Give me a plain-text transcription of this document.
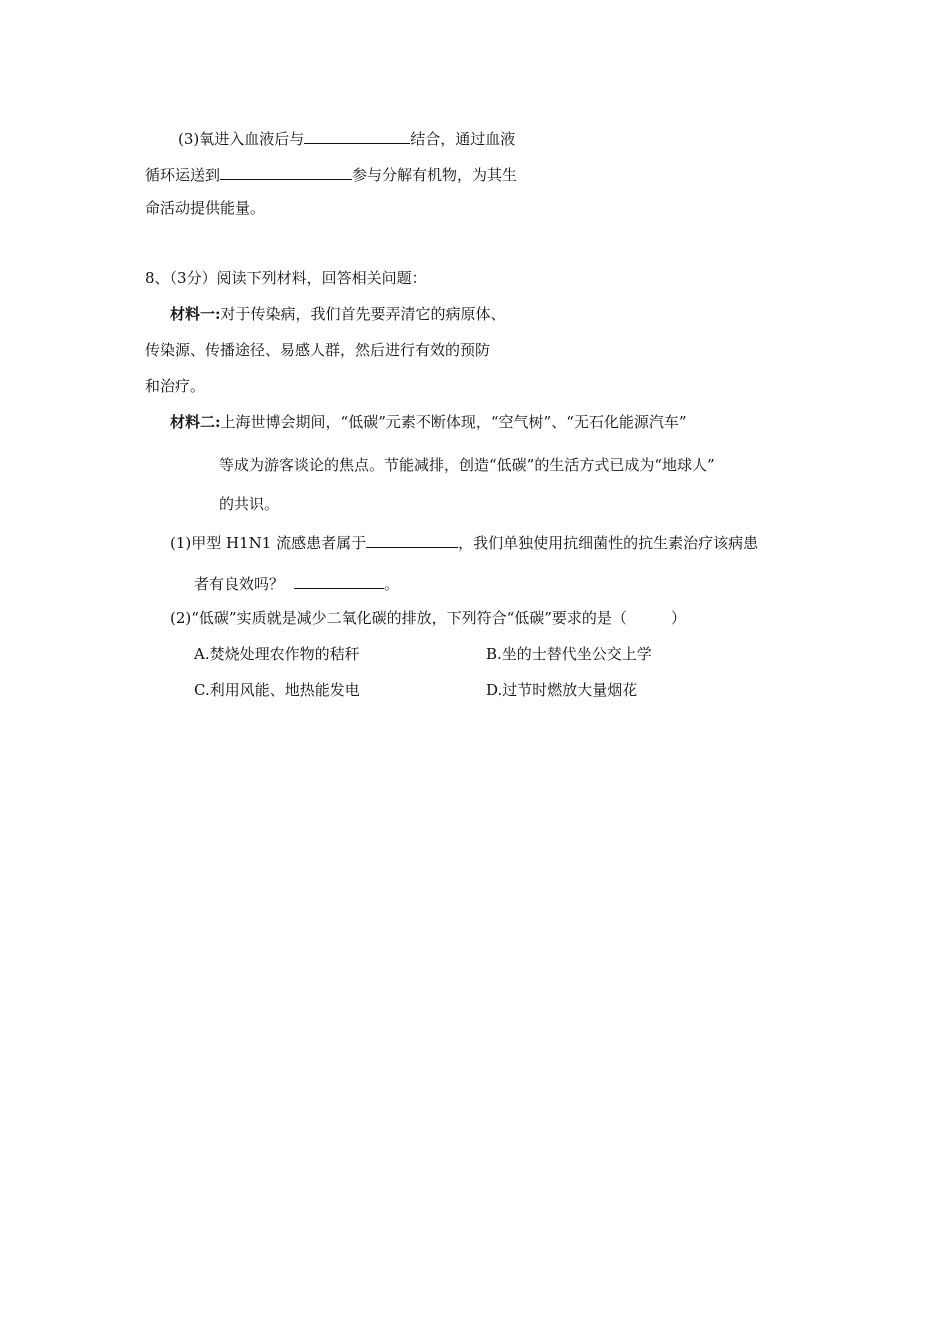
(3)氧进入血液后与	结合，通过血液
循环运送到	参与分解有机物，为其生
命活动提供能量。
8、（3分）阅读下列材料，回答相关问题：
材料一:对于传染病，我们首先要弄清它的病原体、
传染源、传播途径、易感人群，然后进行有效的预防
和治疗。
材料二:上海世博会期间，“低碳”元素不断体现，“空气树”、“无石化能源汽车”
等成为游客谈论的焦点。节能减排，创造“低碳”的生活方式已成为“地球人”
的共识。
(1)甲型 H1N1 流感患者属于	，我们单独使用抗细菌性的抗生素治疗该病患
者有良效吗？	。
(2)“低碳”实质就是减少二氧化碳的排放，下列符合“低碳”要求的是（	）
A.焚烧处理农作物的秸秆	B.坐的士替代坐公交上学
C.利用风能、地热能发电	D.过节时燃放大量烟花
